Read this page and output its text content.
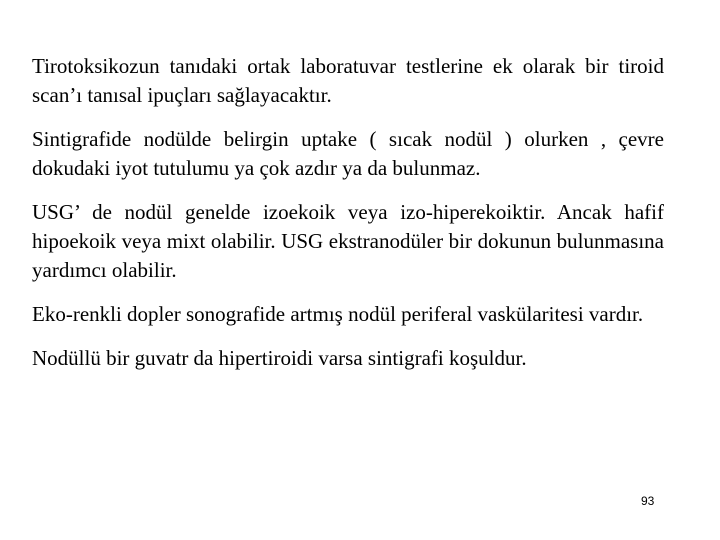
Tirotoksikozun tanıdaki ortak laboratuvar testlerine ek olarak bir tiroid scan’ı tanısal ipuçları sağlayacaktır.

Sintigrafide nodülde belirgin uptake ( sıcak nodül ) olurken , çevre dokudaki iyot tutulumu ya çok azdır ya da bulunmaz.

USG’ de nodül genelde izoekoik veya izo-hiperekoiktir. Ancak hafif hipoekoik veya mixt olabilir. USG ekstranodüler bir dokunun bulunmasına yardımcı olabilir.

Eko-renkli dopler sonografide artmış nodül periferal vaskülaritesi vardır.

Nodüllü bir guvatr da hipertiroidi varsa sintigrafi koşuldur.

93
